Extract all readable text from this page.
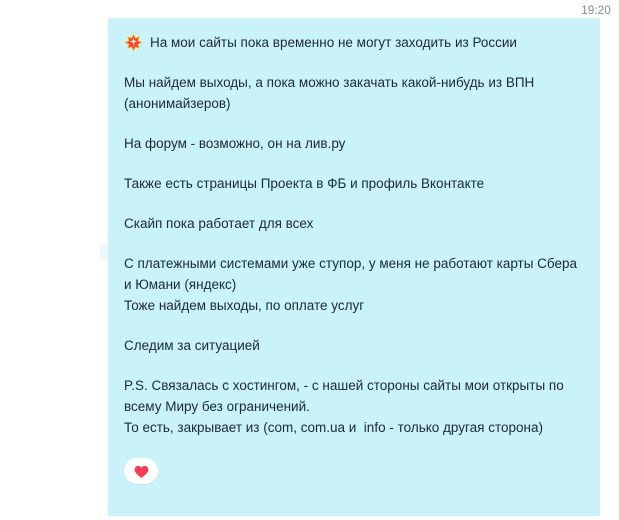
19:20
На мои сайты пока временно не могут заходить из России

Мы найдем выходы, а пока можно закачать какой-нибудь из ВПН (анонимайзеров)

На форум - возможно, он на лив.ру

Также есть страницы Проекта в ФБ и профиль Вконтакте

Скайп пока работает для всех

С платежными системами уже ступор, у меня не работают карты Сбера и Юмани (яндекс)

Тоже найдем выходы, по оплате услуг

Следим за ситуацией

P.S. Связалась с хостингом, - с нашей стороны сайты мои открыты по всему Миру без ограничений.

То есть, закрывает из (com, com.ua и  info - только другая сторона)
